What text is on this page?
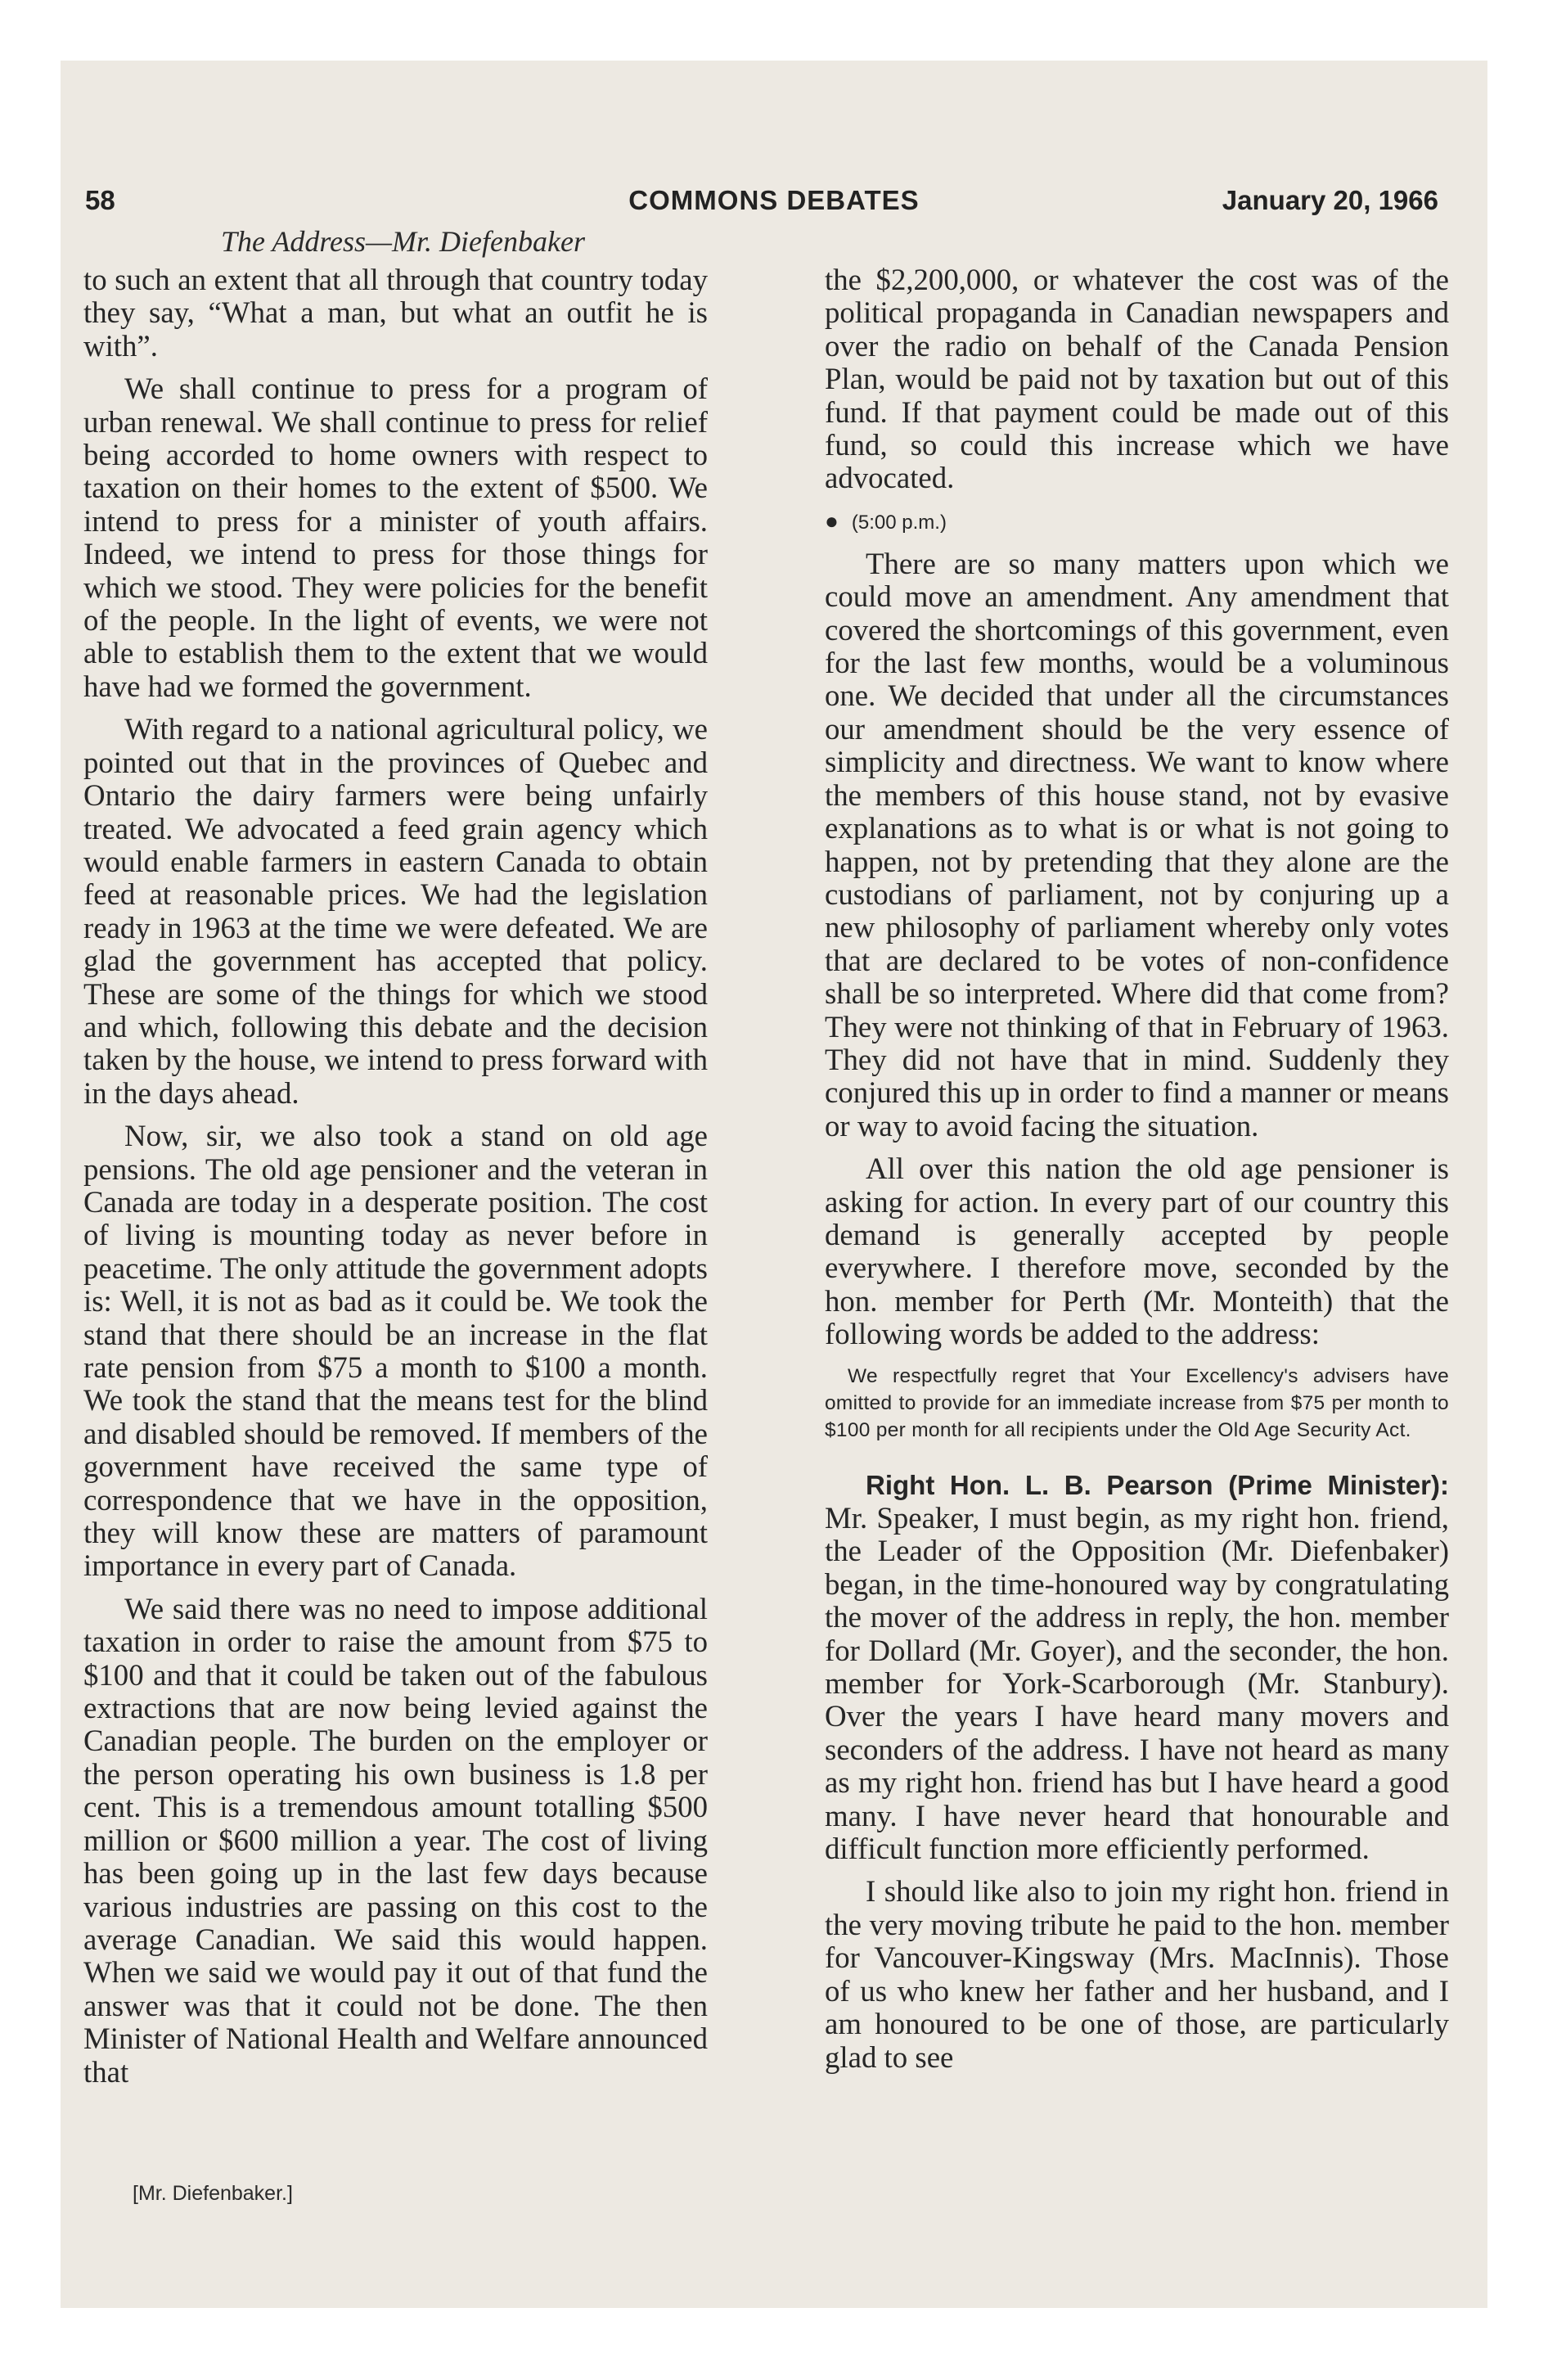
58	COMMONS DEBATES	January 20, 1966
The Address—Mr. Diefenbaker

to such an extent that all through that country today they say, “What a man, but what an outfit he is with”.

We shall continue to press for a program of urban renewal. We shall continue to press for relief being accorded to home owners with respect to taxation on their homes to the extent of $500. We intend to press for a minister of youth affairs. Indeed, we intend to press for those things for which we stood. They were policies for the benefit of the people. In the light of events, we were not able to establish them to the extent that we would have had we formed the government.

With regard to a national agricultural policy, we pointed out that in the provinces of Quebec and Ontario the dairy farmers were being unfairly treated. We advocated a feed grain agency which would enable farmers in eastern Canada to obtain feed at reasonable prices. We had the legislation ready in 1963 at the time we were defeated. We are glad the government has accepted that policy. These are some of the things for which we stood and which, following this debate and the decision taken by the house, we intend to press forward with in the days ahead.

Now, sir, we also took a stand on old age pensions. The old age pensioner and the veteran in Canada are today in a desperate position. The cost of living is mounting today as never before in peacetime. The only attitude the government adopts is: Well, it is not as bad as it could be. We took the stand that there should be an increase in the flat rate pension from $75 a month to $100 a month. We took the stand that the means test for the blind and disabled should be removed. If members of the government have received the same type of correspondence that we have in the opposition, they will know these are matters of paramount importance in every part of Canada.

We said there was no need to impose additional taxation in order to raise the amount from $75 to $100 and that it could be taken out of the fabulous extractions that are now being levied against the Canadian people. The burden on the employer or the person operating his own business is 1.8 per cent. This is a tremendous amount totalling $500 million or $600 million a year. The cost of living has been going up in the last few days because various industries are passing on this cost to the average Canadian. We said this would happen. When we said we would pay it out of that fund the answer was that it could not be done. The then Minister of National Health and Welfare announced that

[Mr. Diefenbaker.]

the $2,200,000, or whatever the cost was of the political propaganda in Canadian newspapers and over the radio on behalf of the Canada Pension Plan, would be paid not by taxation but out of this fund. If that payment could be made out of this fund, so could this increase which we have advocated.

● (5:00 p.m.)

There are so many matters upon which we could move an amendment. Any amendment that covered the shortcomings of this government, even for the last few months, would be a voluminous one. We decided that under all the circumstances our amendment should be the very essence of simplicity and directness. We want to know where the members of this house stand, not by evasive explanations as to what is or what is not going to happen, not by pretending that they alone are the custodians of parliament, not by conjuring up a new philosophy of parliament whereby only votes that are declared to be votes of non-confidence shall be so interpreted. Where did that come from? They were not thinking of that in February of 1963. They did not have that in mind. Suddenly they conjured this up in order to find a manner or means or way to avoid facing the situation.

All over this nation the old age pensioner is asking for action. In every part of our country this demand is generally accepted by people everywhere. I therefore move, seconded by the hon. member for Perth (Mr. Monteith) that the following words be added to the address:

We respectfully regret that Your Excellency's advisers have omitted to provide for an immediate increase from $75 per month to $100 per month for all recipients under the Old Age Security Act.

Right Hon. L. B. Pearson (Prime Minister): Mr. Speaker, I must begin, as my right hon. friend, the Leader of the Opposition (Mr. Diefenbaker) began, in the time-honoured way by congratulating the mover of the address in reply, the hon. member for Dollard (Mr. Goyer), and the seconder, the hon. member for York-Scarborough (Mr. Stanbury). Over the years I have heard many movers and seconders of the address. I have not heard as many as my right hon. friend has but I have heard a good many. I have never heard that honourable and difficult function more efficiently performed.

I should like also to join my right hon. friend in the very moving tribute he paid to the hon. member for Vancouver-Kingsway (Mrs. MacInnis). Those of us who knew her father and her husband, and I am honoured to be one of those, are particularly glad to see
